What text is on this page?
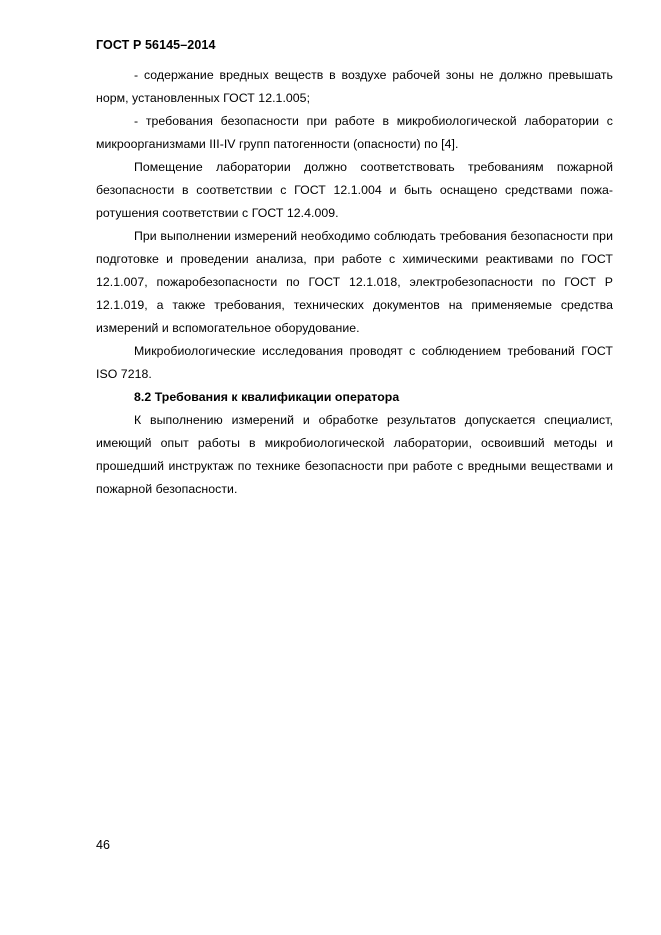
ГОСТ Р 56145–2014

- содержание вредных веществ в воздухе рабочей зоны не должно превышать норм, установленных ГОСТ 12.1.005;

- требования безопасности при работе в микробиологической лаборатории с микроорганизмами III-IV групп патогенности (опасности) по [4].

Помещение лаборатории должно соответствовать требованиям пожарной безопасности в соответствии с ГОСТ 12.1.004 и быть оснащено средствами пожаротушения соответствии с ГОСТ 12.4.009.

При выполнении измерений необходимо соблюдать требования безопасности при подготовке и проведении анализа, при работе с химическими реактивами по ГОСТ 12.1.007, пожаробезопасности по ГОСТ 12.1.018, электробезопасности по ГОСТ Р 12.1.019, а также требования, технических документов на применяемые средства измерений и вспомогательное оборудование.

Микробиологические исследования проводят с соблюдением требований ГОСТ ISO 7218.

8.2 Требования к квалификации оператора

К выполнению измерений и обработке результатов допускается специалист, имеющий опыт работы в микробиологической лаборатории, освоивший методы и прошедший инструктаж по технике безопасности при работе с вредными веществами и пожарной безопасности.

46
